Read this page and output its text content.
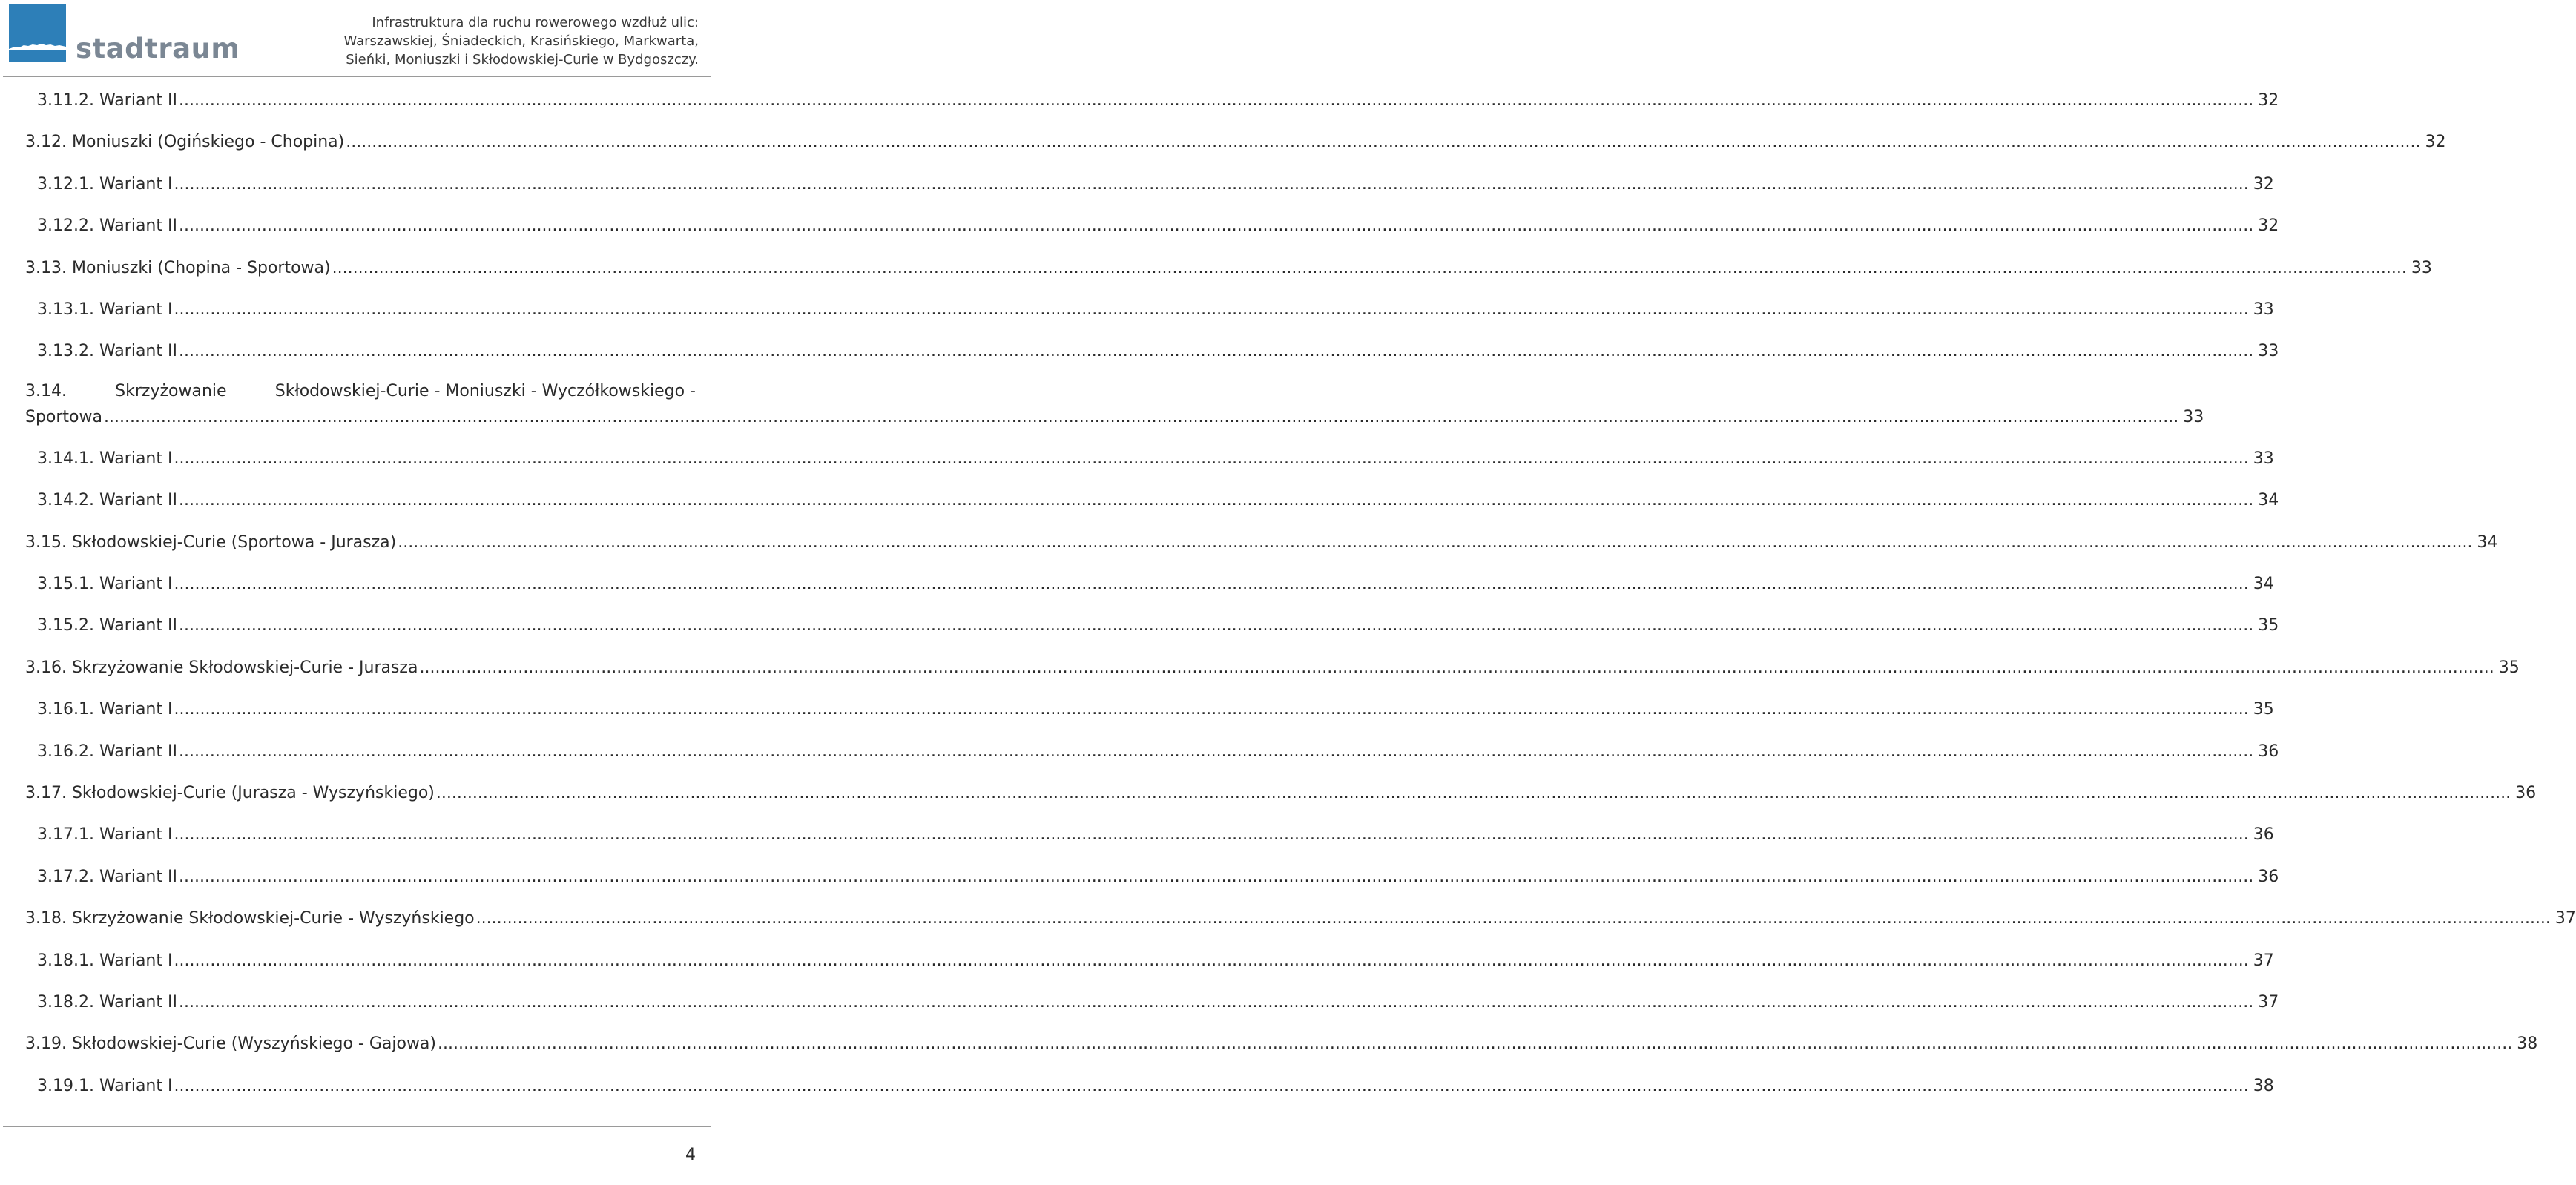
stadtraum
Infrastruktura dla ruchu rowerowego wzdłuż ulic:
Warszawskiej, Śniadeckich, Krasińskiego, Markwarta,
Sieńki, Moniuszki i Skłodowskiej-Curie w Bydgoszczy.
3.11.2. Wariant II ................................................................................................................................................................................................................................................................................................................................................................................................................ 32
3.12. Moniuszki (Ogińskiego - Chopina) ................................................................................................................................................................................................................................................................................................................................................................................................................ 32
3.12.1. Wariant I ................................................................................................................................................................................................................................................................................................................................................................................................................ 32
3.12.2. Wariant II ................................................................................................................................................................................................................................................................................................................................................................................................................ 32
3.13. Moniuszki (Chopina - Sportowa) ................................................................................................................................................................................................................................................................................................................................................................................................................ 33
3.13.1. Wariant I ................................................................................................................................................................................................................................................................................................................................................................................................................ 33
3.13.2. Wariant II ................................................................................................................................................................................................................................................................................................................................................................................................................ 33
3.14.	Skrzyżowanie	Skłodowskiej-Curie - Moniuszki - Wyczółkowskiego -
Sportowa ................................................................................................................................................................................................................................................................................................................................................................................................................ 33
3.14.1. Wariant I ................................................................................................................................................................................................................................................................................................................................................................................................................ 33
3.14.2. Wariant II ................................................................................................................................................................................................................................................................................................................................................................................................................ 34
3.15. Skłodowskiej-Curie (Sportowa - Jurasza) ................................................................................................................................................................................................................................................................................................................................................................................................................ 34
3.15.1. Wariant I ................................................................................................................................................................................................................................................................................................................................................................................................................ 34
3.15.2. Wariant II ................................................................................................................................................................................................................................................................................................................................................................................................................ 35
3.16. Skrzyżowanie Skłodowskiej-Curie - Jurasza ................................................................................................................................................................................................................................................................................................................................................................................................................ 35
3.16.1. Wariant I ................................................................................................................................................................................................................................................................................................................................................................................................................ 35
3.16.2. Wariant II ................................................................................................................................................................................................................................................................................................................................................................................................................ 36
3.17. Skłodowskiej-Curie (Jurasza - Wyszyńskiego) ................................................................................................................................................................................................................................................................................................................................................................................................................ 36
3.17.1. Wariant I ................................................................................................................................................................................................................................................................................................................................................................................................................ 36
3.17.2. Wariant II ................................................................................................................................................................................................................................................................................................................................................................................................................ 36
3.18. Skrzyżowanie Skłodowskiej-Curie - Wyszyńskiego ................................................................................................................................................................................................................................................................................................................................................................................................................ 37
3.18.1. Wariant I ................................................................................................................................................................................................................................................................................................................................................................................................................ 37
3.18.2. Wariant II ................................................................................................................................................................................................................................................................................................................................................................................................................ 37
3.19. Skłodowskiej-Curie (Wyszyńskiego - Gajowa) ................................................................................................................................................................................................................................................................................................................................................................................................................ 38
3.19.1. Wariant I ................................................................................................................................................................................................................................................................................................................................................................................................................ 38
4
